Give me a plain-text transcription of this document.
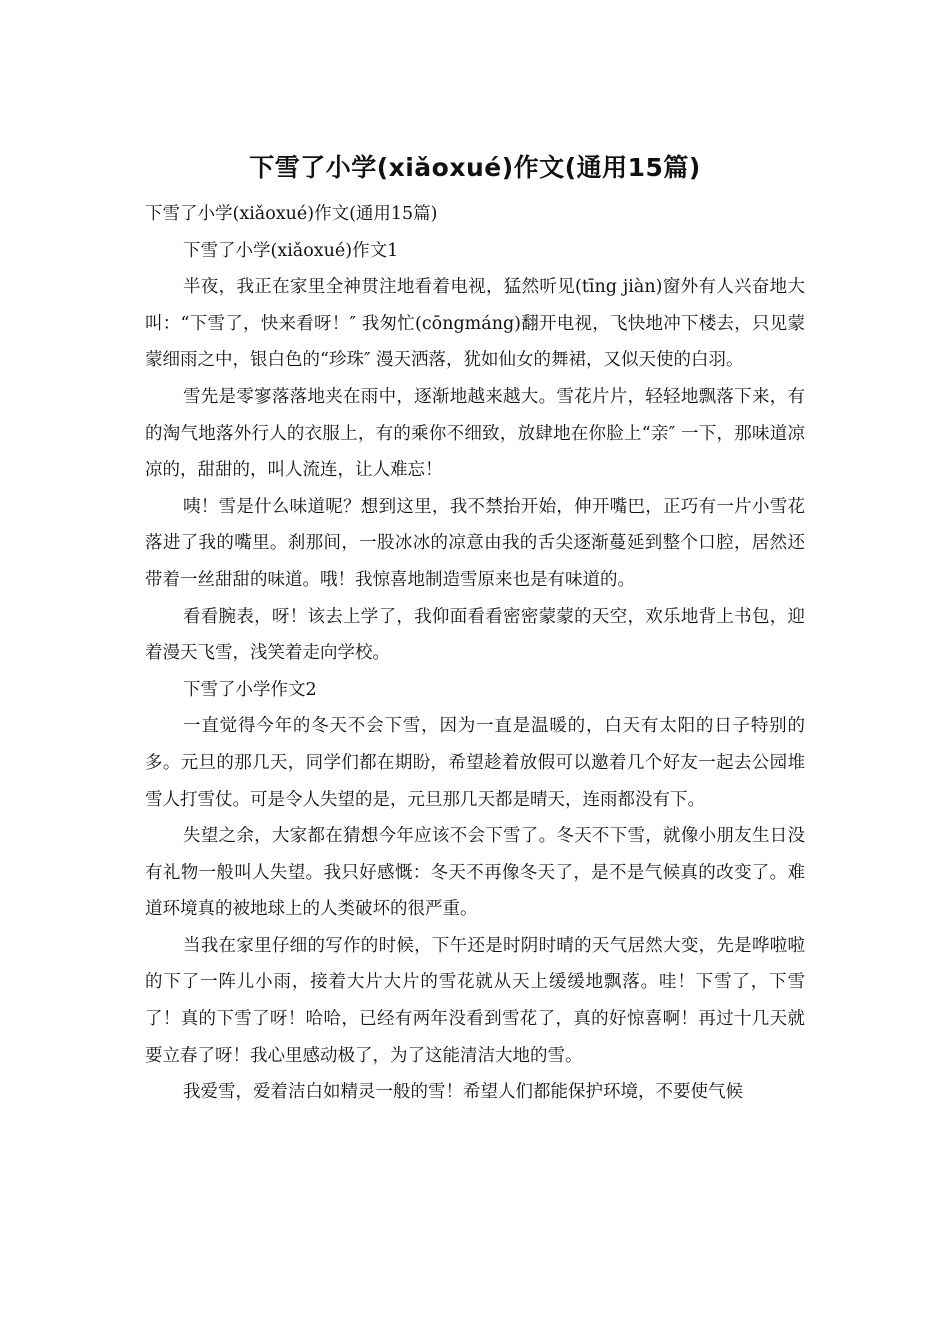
下雪了小学(xiǎoxué)作文(通用15篇)

下雪了小学(xiǎoxué)作文(通用15篇)

下雪了小学(xiǎoxué)作文1

半夜，我正在家里全神贯注地看着电视，猛然听见(tīng jiàn)窗外有人兴奋地大叫：“下雪了，快来看呀！″ 我匆忙(cōngmáng)翻开电视，飞快地冲下楼去，只见蒙蒙细雨之中，银白色的“珍珠″ 漫天洒落，犹如仙女的舞裙，又似天使的白羽。

雪先是零寥落落地夹在雨中，逐渐地越来越大。雪花片片，轻轻地飘落下来，有的淘气地落外行人的衣服上，有的乘你不细致，放肆地在你脸上“亲″ 一下，那味道凉凉的，甜甜的，叫人流连，让人难忘！

咦！雪是什么味道呢？想到这里，我不禁抬开始，伸开嘴巴，正巧有一片小雪花落进了我的嘴里。刹那间，一股冰冰的凉意由我的舌尖逐渐蔓延到整个口腔，居然还带着一丝甜甜的味道。哦！我惊喜地制造雪原来也是有味道的。

看看腕表，呀！该去上学了，我仰面看看密密蒙蒙的天空，欢乐地背上书包，迎着漫天飞雪，浅笑着走向学校。

下雪了小学作文2

一直觉得今年的冬天不会下雪，因为一直是温暖的，白天有太阳的日子特别的多。元旦的那几天，同学们都在期盼，希望趁着放假可以邀着几个好友一起去公园堆雪人打雪仗。可是令人失望的是，元旦那几天都是晴天，连雨都没有下。

失望之余，大家都在猜想今年应该不会下雪了。冬天不下雪，就像小朋友生日没有礼物一般叫人失望。我只好感慨：冬天不再像冬天了，是不是气候真的改变了。难道环境真的被地球上的人类破坏的很严重。

当我在家里仔细的写作的时候，下午还是时阴时晴的天气居然大变，先是哗啦啦的下了一阵儿小雨，接着大片大片的雪花就从天上缓缓地飘落。哇！下雪了，下雪了！真的下雪了呀！哈哈，已经有两年没看到雪花了，真的好惊喜啊！再过十几天就要立春了呀！我心里感动极了，为了这能清洁大地的雪。

我爱雪，爱着洁白如精灵一般的雪！希望人们都能保护环境，不要使气候
